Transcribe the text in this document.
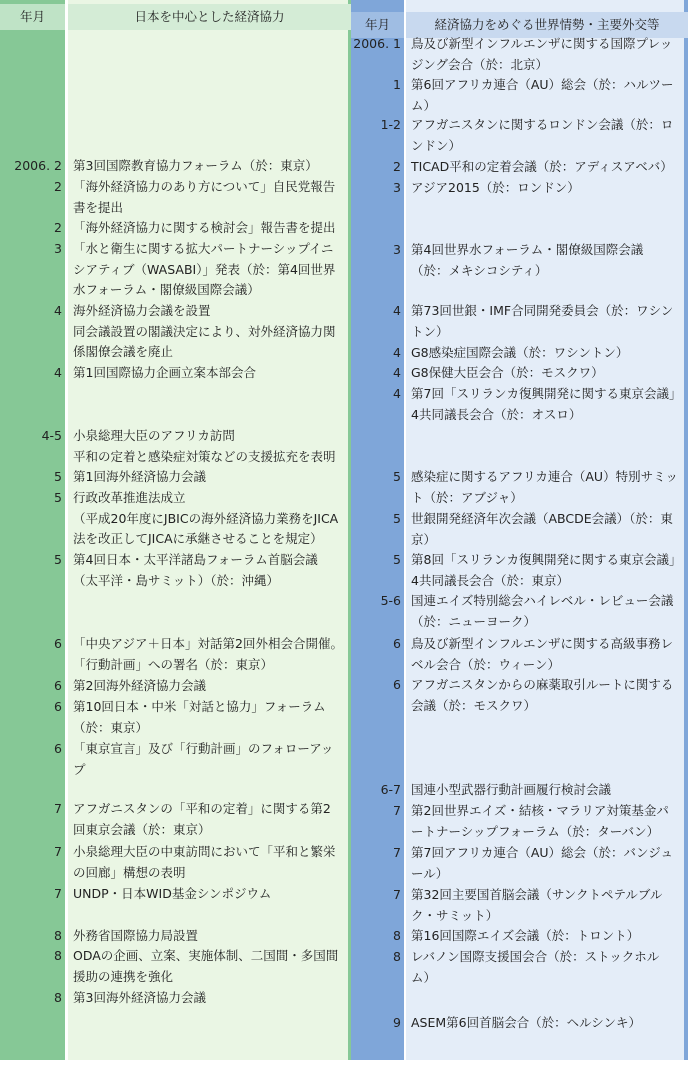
年月	日本を中心とした経済協力
年月	経済協力をめぐる世界情勢・主要外交等
2006. 2 第3回国際教育協力フォーラム（於：東京）
2 「海外経済協力のあり方について」自民党報告
書を提出
2 「海外経済協力に関する検討会」報告書を提出
3 「水と衛生に関する拡大パートナーシップイニ
シアティブ（WASABI）」発表（於：第4回世界
水フォーラム・閣僚級国際会議）
4 海外経済協力会議を設置
同会議設置の閣議決定により、対外経済協力関
係閣僚会議を廃止
4 第1回国際協力企画立案本部会合
4-5 小泉総理大臣のアフリカ訪問
平和の定着と感染症対策などの支援拡充を表明
5 第1回海外経済協力会議
5 行政改革推進法成立
（平成20年度にJBICの海外経済協力業務をJICA
法を改正してJICAに承継させることを規定）
5 第4回日本・太平洋諸島フォーラム首脳会議
（太平洋・島サミット）（於：沖縄）
6 「中央アジア＋日本」対話第2回外相会合開催。
「行動計画」への署名（於：東京）
6 第2回海外経済協力会議
6 第10回日本・中米「対話と協力」フォーラム
（於：東京）
6 「東京宣言」及び「行動計画」のフォローアッ
プ
7 アフガニスタンの「平和の定着」に関する第2
回東京会議（於：東京）
7 小泉総理大臣の中東訪問において「平和と繁栄
の回廊」構想の表明
7 UNDP・日本WID基金シンポジウム
8 外務省国際協力局設置
8 ODAの企画、立案、実施体制、二国間・多国間
援助の連携を強化
8 第3回海外経済協力会議
2006. 1 鳥及び新型インフルエンザに関する国際プレッ
ジング会合（於：北京）
1 第6回アフリカ連合（AU）総会（於：ハルツー
ム）
1-2 アフガニスタンに関するロンドン会議（於：ロ
ンドン）
2 TICAD平和の定着会議（於：アディスアベバ）
3 アジア2015（於：ロンドン）
3 第4回世界水フォーラム・閣僚級国際会議
（於：メキシコシティ）
4 第73回世銀・IMF合同開発委員会（於：ワシン
トン）
4 G8感染症国際会議（於：ワシントン）
4 G8保健大臣会合（於：モスクワ）
4 第7回「スリランカ復興開発に関する東京会議」
4共同議長会合（於：オスロ）
5 感染症に関するアフリカ連合（AU）特別サミッ
ト（於：アブジャ）
5 世銀開発経済年次会議（ABCDE会議）（於：東
京）
5 第8回「スリランカ復興開発に関する東京会議」
4共同議長会合（於：東京）
5-6 国連エイズ特別総会ハイレベル・レビュー会議
（於：ニューヨーク）
6 鳥及び新型インフルエンザに関する高級事務レ
ベル会合（於：ウィーン）
6 アフガニスタンからの麻薬取引ルートに関する
会議（於：モスクワ）
6-7 国連小型武器行動計画履行検討会議
7 第2回世界エイズ・結核・マラリア対策基金パ
ートナーシップフォーラム（於：ターバン）
7 第7回アフリカ連合（AU）総会（於：バンジュ
ール）
7 第32回主要国首脳会議（サンクトペテルブル
ク・サミット）
8 第16回国際エイズ会議（於：トロント）
8 レバノン国際支援国会合（於：ストックホル
ム）
9 ASEM第6回首脳会合（於：ヘルシンキ）
